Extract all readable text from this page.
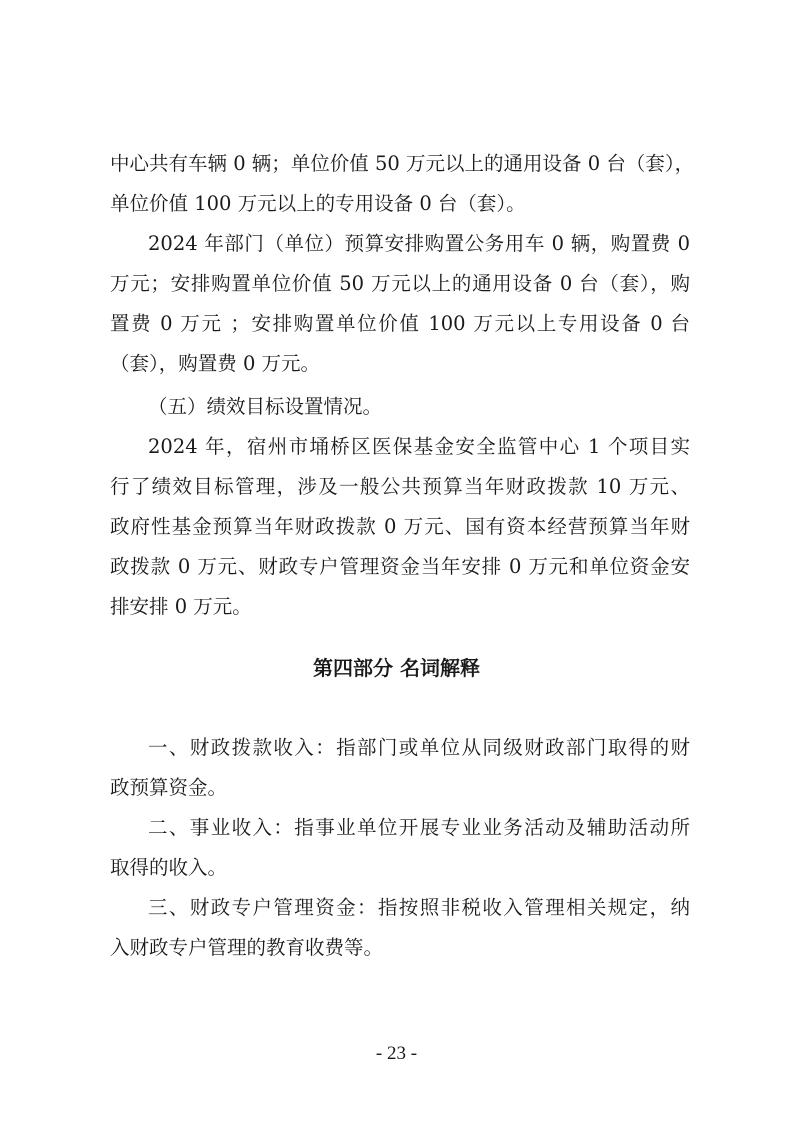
中心共有车辆 0 辆；单位价值 50 万元以上的通用设备 0 台（套），
单位价值 100 万元以上的专用设备 0 台（套）。
2024 年部门（单位）预算安排购置公务用车 0 辆，购置费 0
万元；安排购置单位价值 50 万元以上的通用设备 0 台（套），购
置费 0 万元 ；安排购置单位价值 100 万元以上专用设备 0 台
（套），购置费 0 万元。
（五）绩效目标设置情况。
2024 年，宿州市埇桥区医保基金安全监管中心 1 个项目实
行了绩效目标管理，涉及一般公共预算当年财政拨款 10 万元、
政府性基金预算当年财政拨款 0 万元、国有资本经营预算当年财
政拨款 0 万元、财政专户管理资金当年安排 0 万元和单位资金安
排安排 0 万元。
第四部分 名词解释
一、财政拨款收入：指部门或单位从同级财政部门取得的财
政预算资金。
二、事业收入：指事业单位开展专业业务活动及辅助活动所
取得的收入。
三、财政专户管理资金：指按照非税收入管理相关规定，纳
入财政专户管理的教育收费等。
- 23 -
